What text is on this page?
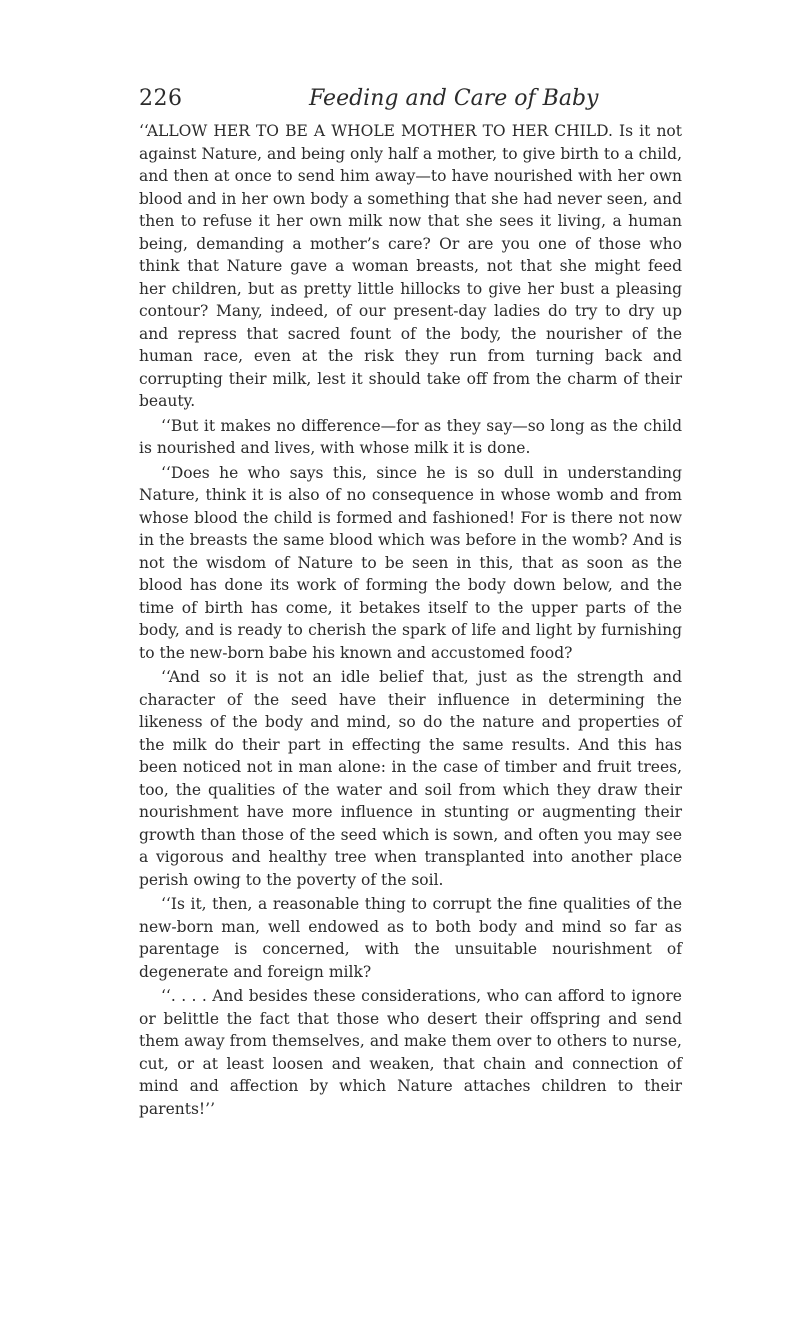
226	Feeding and Care of Baby

‘‘ALLOW HER TO BE A WHOLE MOTHER TO HER CHILD. Is it not against Nature, and being only half a mother, to give birth to a child, and then at once to send him away—to have nourished with her own blood and in her own body a something that she had never seen, and then to refuse it her own milk now that she sees it living, a human being, demanding a mother’s care? Or are you one of those who think that Nature gave a woman breasts, not that she might feed her children, but as pretty little hillocks to give her bust a pleasing contour? Many, indeed, of our present-day ladies do try to dry up and repress that sacred fount of the body, the nourisher of the human race, even at the risk they run from turning back and corrupting their milk, lest it should take off from the charm of their beauty.

‘‘But it makes no difference—for as they say—so long as the child is nourished and lives, with whose milk it is done.

‘‘Does he who says this, since he is so dull in understanding Nature, think it is also of no consequence in whose womb and from whose blood the child is formed and fashioned! For is there not now in the breasts the same blood which was before in the womb? And is not the wisdom of Nature to be seen in this, that as soon as the blood has done its work of forming the body down below, and the time of birth has come, it betakes itself to the upper parts of the body, and is ready to cherish the spark of life and light by furnishing to the new-born babe his known and accustomed food?

‘‘And so it is not an idle belief that, just as the strength and character of the seed have their influence in determining the likeness of the body and mind, so do the nature and properties of the milk do their part in effecting the same results. And this has been noticed not in man alone: in the case of timber and fruit trees, too, the qualities of the water and soil from which they draw their nourishment have more influence in stunting or augmenting their growth than those of the seed which is sown, and often you may see a vigorous and healthy tree when transplanted into another place perish owing to the poverty of the soil.

‘‘Is it, then, a reasonable thing to corrupt the fine qualities of the new-born man, well endowed as to both body and mind so far as parentage is concerned, with the unsuitable nourishment of degenerate and foreign milk?

‘‘. . . . And besides these considerations, who can afford to ignore or belittle the fact that those who desert their offspring and send them away from themselves, and make them over to others to nurse, cut, or at least loosen and weaken, that chain and connection of mind and affection by which Nature attaches children to their parents!’’
